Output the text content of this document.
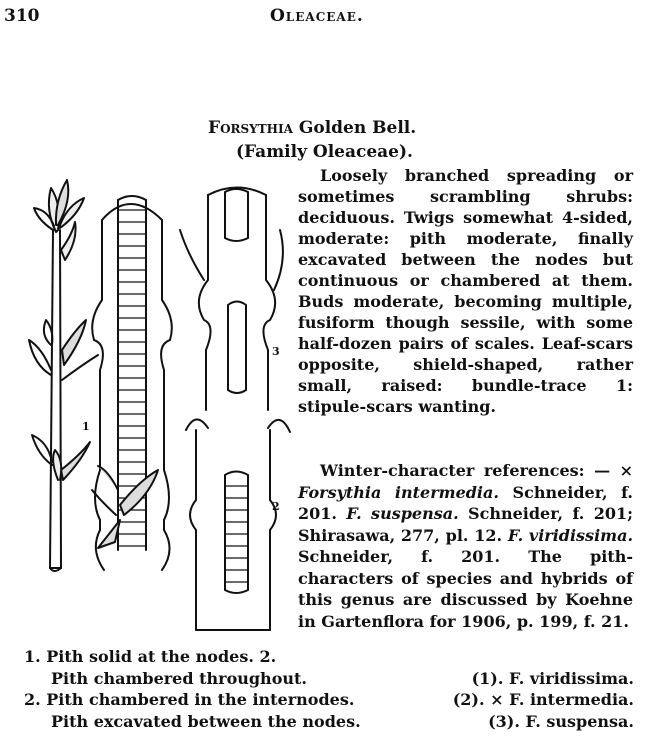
310	Oleaceae.
Forsythia Golden Bell.
(Family Oleaceae).
1
2
3
Loosely branched spreading or sometimes scrambling shrubs: deciduous. Twigs somewhat 4-sided, moderate: pith moderate, finally excavated between the nodes but continuous or chambered at them. Buds moderate, becoming multiple, fusiform though sessile, with some half-dozen pairs of scales. Leaf-scars opposite, shield-shaped, rather small, raised: bundle-trace 1: stipule-scars wanting.
Winter-character references: — × Forsythia intermedia. Schneider, f. 201. F. suspensa. Schneider, f. 201; Shirasawa, 277, pl. 12. F. viridissima. Schneider, f. 201. The pith-characters of species and hybrids of this genus are discussed by Koehne in Gartenflora for 1906, p. 199, f. 21.
1. Pith solid at the nodes. 2.
Pith chambered throughout.	(1). F. viridissima.
2. Pith chambered in the internodes.	(2). × F. intermedia.
Pith excavated between the nodes.	(3). F. suspensa.
